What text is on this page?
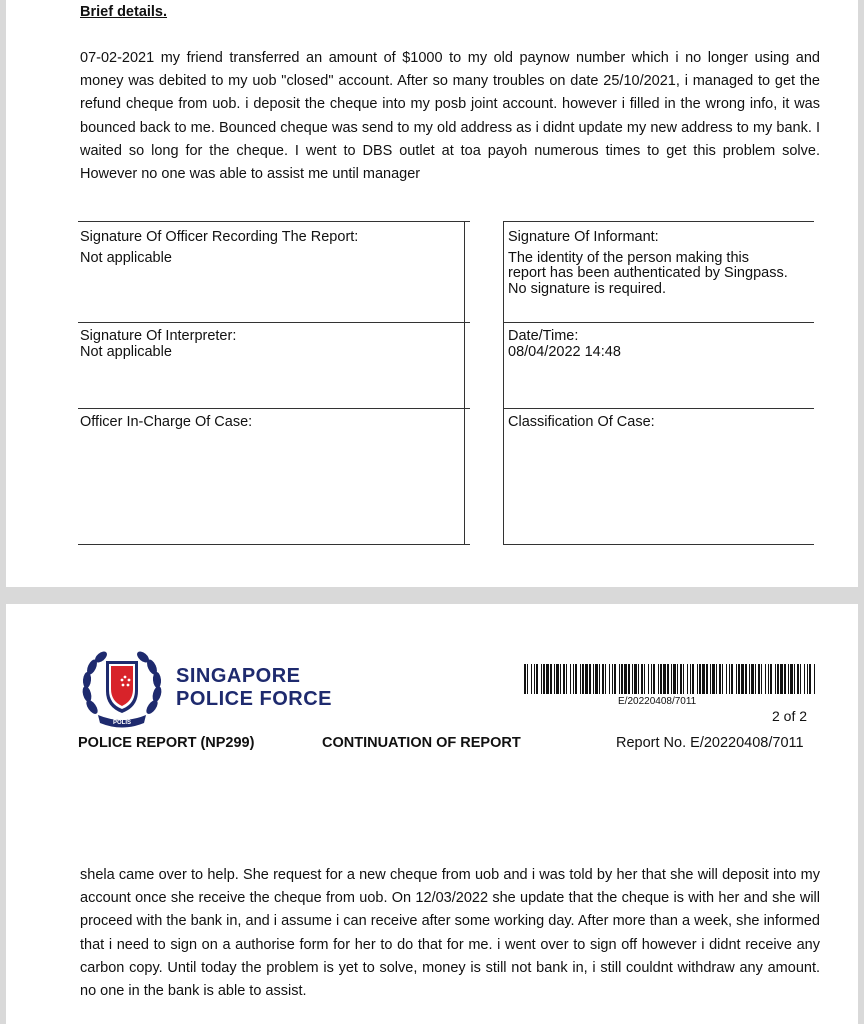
Brief details.

07-02-2021 my friend transferred an amount of $1000 to my old paynow number which i no longer using and money was debited to my uob "closed" account. After so many troubles on date 25/10/2021, i managed to get the refund cheque from uob. i deposit the cheque into my posb joint account. however i filled in the wrong info, it was bounced back to me. Bounced cheque was send to my old address as i didnt update my new address to my bank. I waited so long for the cheque. I went to DBS outlet at toa payoh numerous times to get this problem solve. However no one was able to assist me until manager

Signature Of Officer Recording The Report:
Not applicable
Signature Of Informant:
The identity of the person making this
report has been authenticated by Singpass.
No signature is required.
Signature Of Interpreter:
Not applicable
Date/Time:
08/04/2022 14:48
Officer In-Charge Of Case:	Classification Of Case:
POLIS
SINGAPORE
POLICE FORCE	E/20220408/7011
2 of 2
POLICE REPORT (NP299)	CONTINUATION OF REPORT	Report No. E/20220408/7011

shela came over to help. She request for a new cheque from uob and i was told by her that she will deposit into my account once she receive the cheque from uob. On 12/03/2022 she update that the cheque is with her and she will proceed with the bank in, and i assume i can receive after some working day. After more than a week, she informed that i need to sign on a authorise form for her to do that for me. i went over to sign off however i didnt receive any carbon copy. Until today the problem is yet to solve, money is still not bank in, i still couldnt withdraw any amount. no one in the bank is able to assist.
